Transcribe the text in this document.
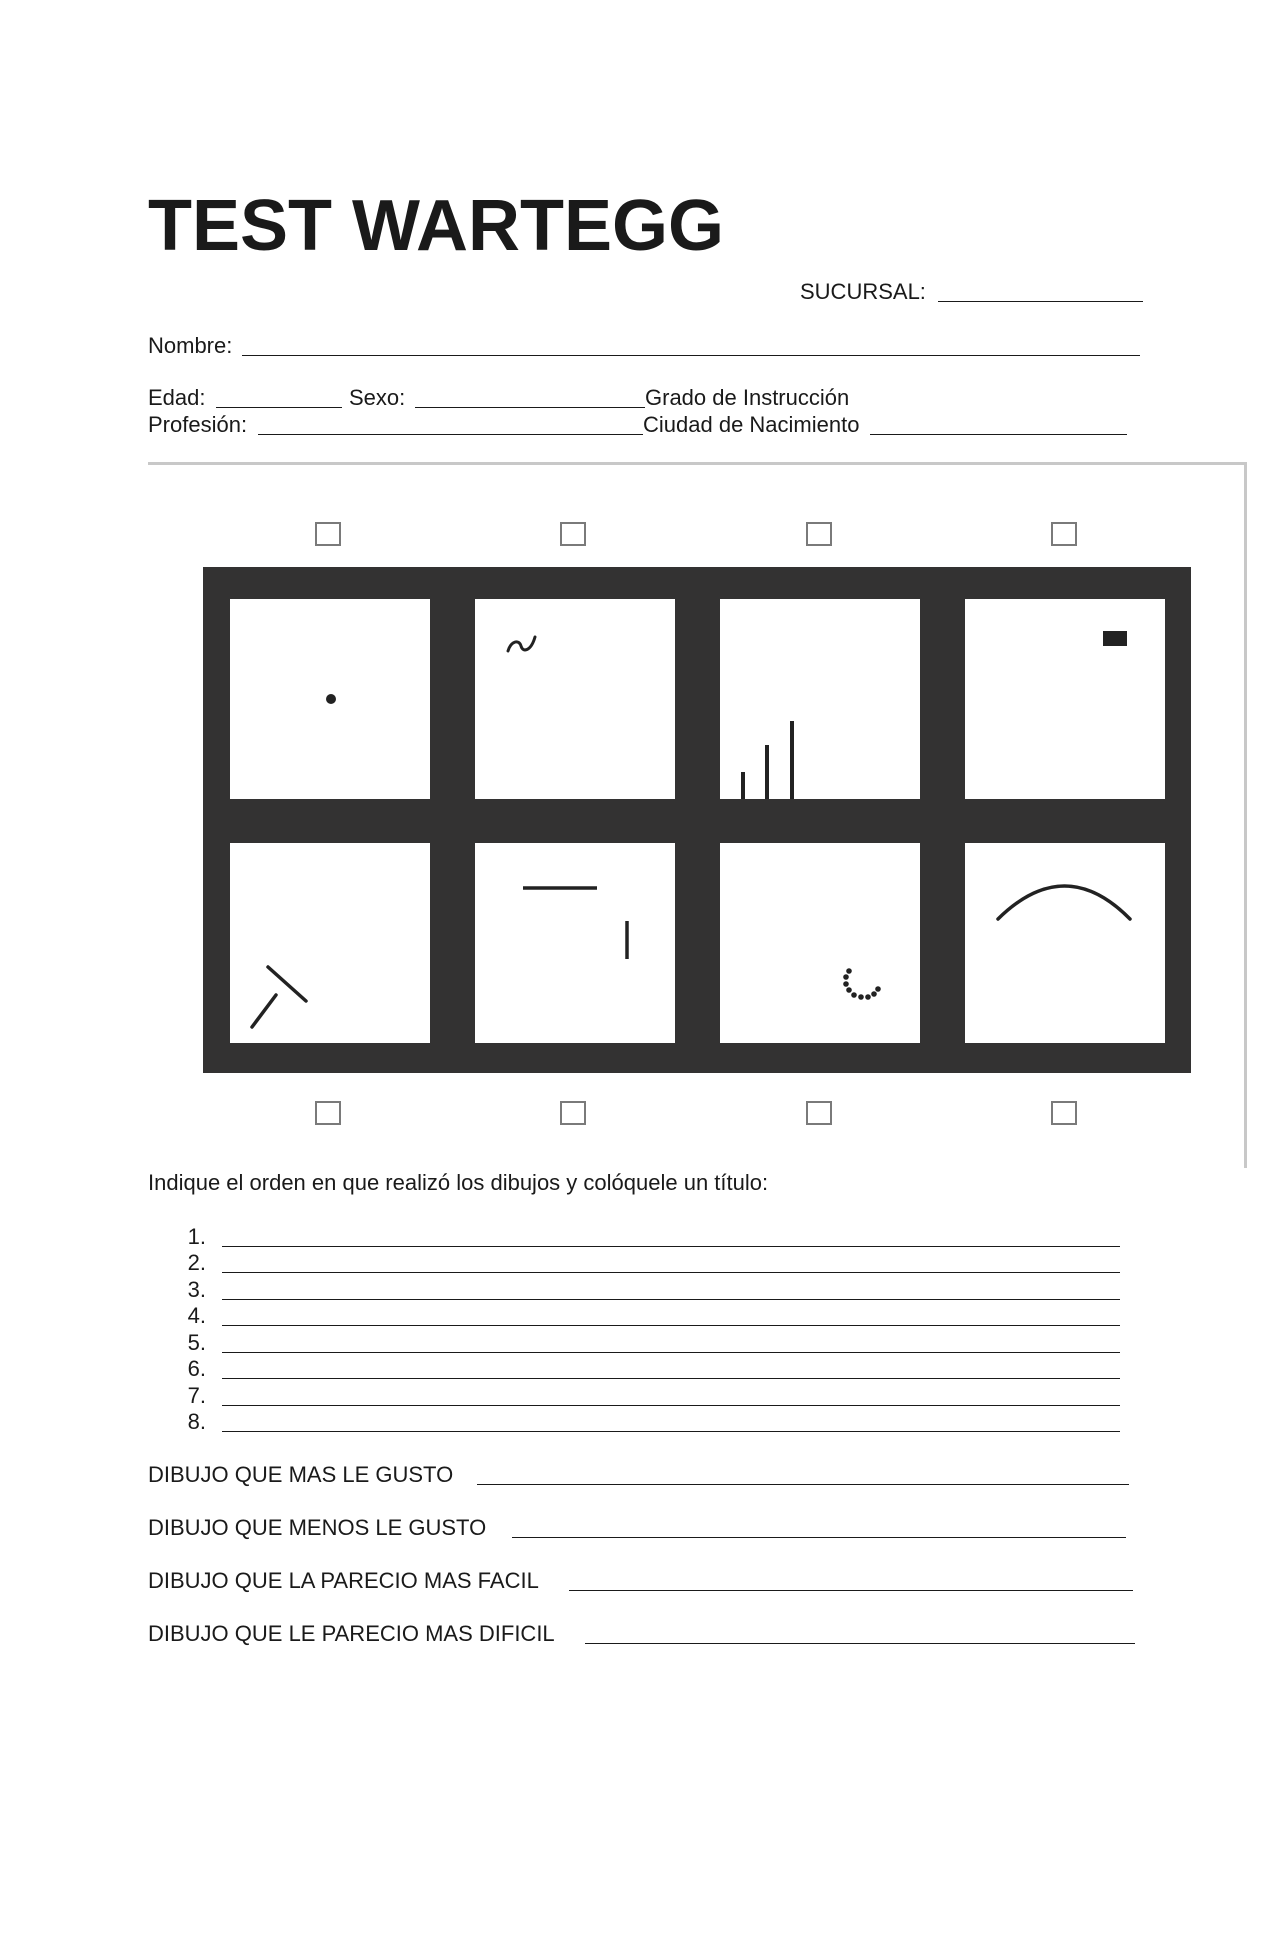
TEST WARTEGG
SUCURSAL:
Nombre:
Edad:	Sexo:	Grado de Instrucción
Profesión:	Ciudad de Nacimiento
Indique el orden en que realizó los dibujos y colóquele un título:
1.
2.
3.
4.
5.
6.
7.
8.
DIBUJO QUE MAS LE GUSTO
DIBUJO QUE MENOS LE GUSTO
DIBUJO QUE LA PARECIO MAS FACIL
DIBUJO QUE LE PARECIO MAS DIFICIL
